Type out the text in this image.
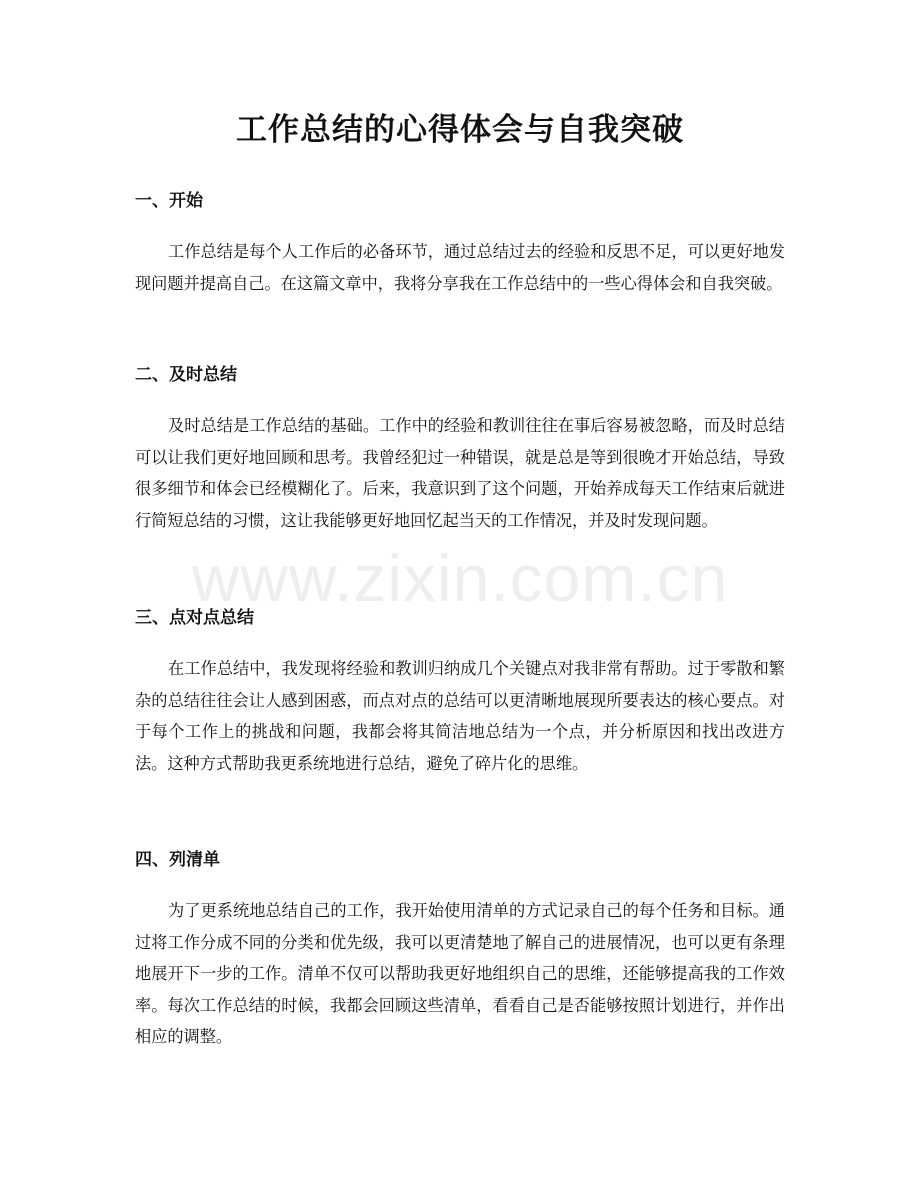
工作总结的心得体会与自我突破
一、开始

工作总结是每个人工作后的必备环节，通过总结过去的经验和反思不足，可以更好地发现问题并提高自己。在这篇文章中，我将分享我在工作总结中的一些心得体会和自我突破。

二、及时总结

及时总结是工作总结的基础。工作中的经验和教训往往在事后容易被忽略，而及时总结可以让我们更好地回顾和思考。我曾经犯过一种错误，就是总是等到很晚才开始总结，导致很多细节和体会已经模糊化了。后来，我意识到了这个问题，开始养成每天工作结束后就进行简短总结的习惯，这让我能够更好地回忆起当天的工作情况，并及时发现问题。

三、点对点总结

在工作总结中，我发现将经验和教训归纳成几个关键点对我非常有帮助。过于零散和繁杂的总结往往会让人感到困惑，而点对点的总结可以更清晰地展现所要表达的核心要点。对于每个工作上的挑战和问题，我都会将其简洁地总结为一个点，并分析原因和找出改进方法。这种方式帮助我更系统地进行总结，避免了碎片化的思维。

四、列清单

为了更系统地总结自己的工作，我开始使用清单的方式记录自己的每个任务和目标。通过将工作分成不同的分类和优先级，我可以更清楚地了解自己的进展情况，也可以更有条理地展开下一步的工作。清单不仅可以帮助我更好地组织自己的思维，还能够提高我的工作效率。每次工作总结的时候，我都会回顾这些清单，看看自己是否能够按照计划进行，并作出相应的调整。

www.zixin.com.cn
